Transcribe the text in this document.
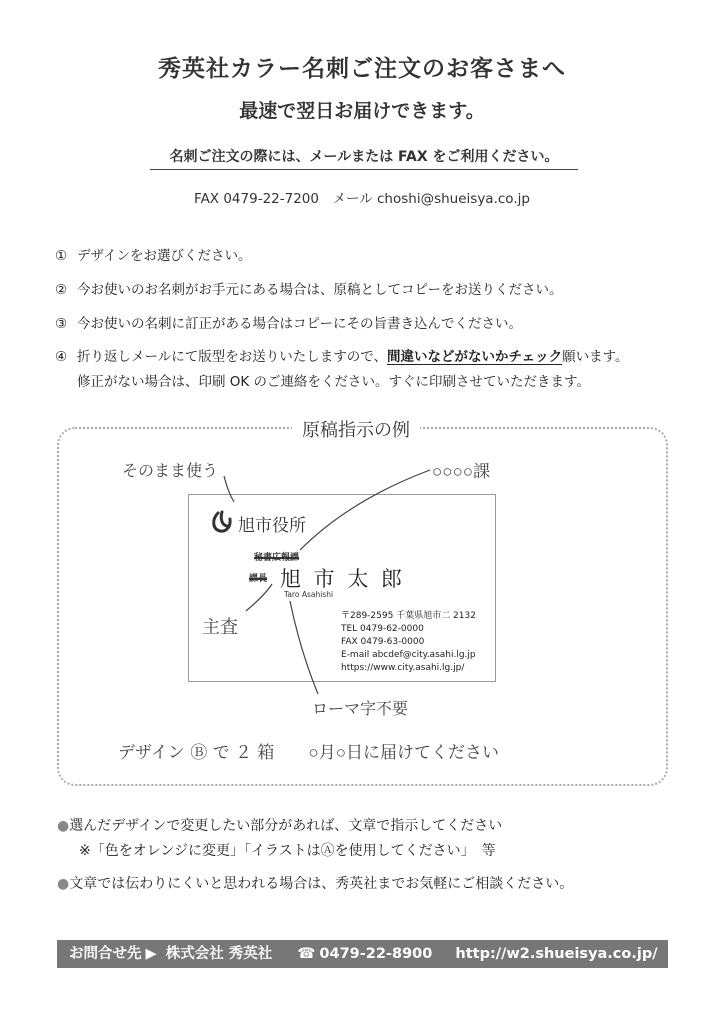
秀英社カラー名刺ご注文のお客さまへ
最速で翌日お届けできます。
名刺ご注文の際には、メールまたは FAX をご利用ください。
FAX 0479-22-7200　メール choshi@shueisya.co.jp
① デザインをお選びください。
② 今お使いのお名刺がお手元にある場合は、原稿としてコピーをお送りください。
③ 今お使いの名刺に訂正がある場合はコピーにその旨書き込んでください。
④ 折り返しメールにて版型をお送りいたしますので、間違いなどがないかチェック願います。
修正がない場合は、印刷 OK のご連絡をください。すぐに印刷させていただきます。
原稿指示の例
旭市役所
秘書広報課
課長 旭 市 太 郎
Taro Asahishi
〒289-2595 千葉県旭市二 2132
TEL 0479-62-0000
FAX 0479-63-0000
E-mail abcdef@city.asahi.lg.jp
https://www.city.asahi.lg.jp/
そのまま使う	○○○○課
主査
ローマ字不要
デザイン Ⓑ で ２ 箱　　○月○日に届けてください
●選んだデザインで変更したい部分があれば、文章で指示してください
※「色をオレンジに変更」「イラストはⒶを使用してください」　等
●文章では伝わりにくいと思われる場合は、秀英社までお気軽にご相談ください。
お問合せ先 ▶ 株式会社 秀英社 ☎ 0479-22-8900 http://w2.shueisya.co.jp/
